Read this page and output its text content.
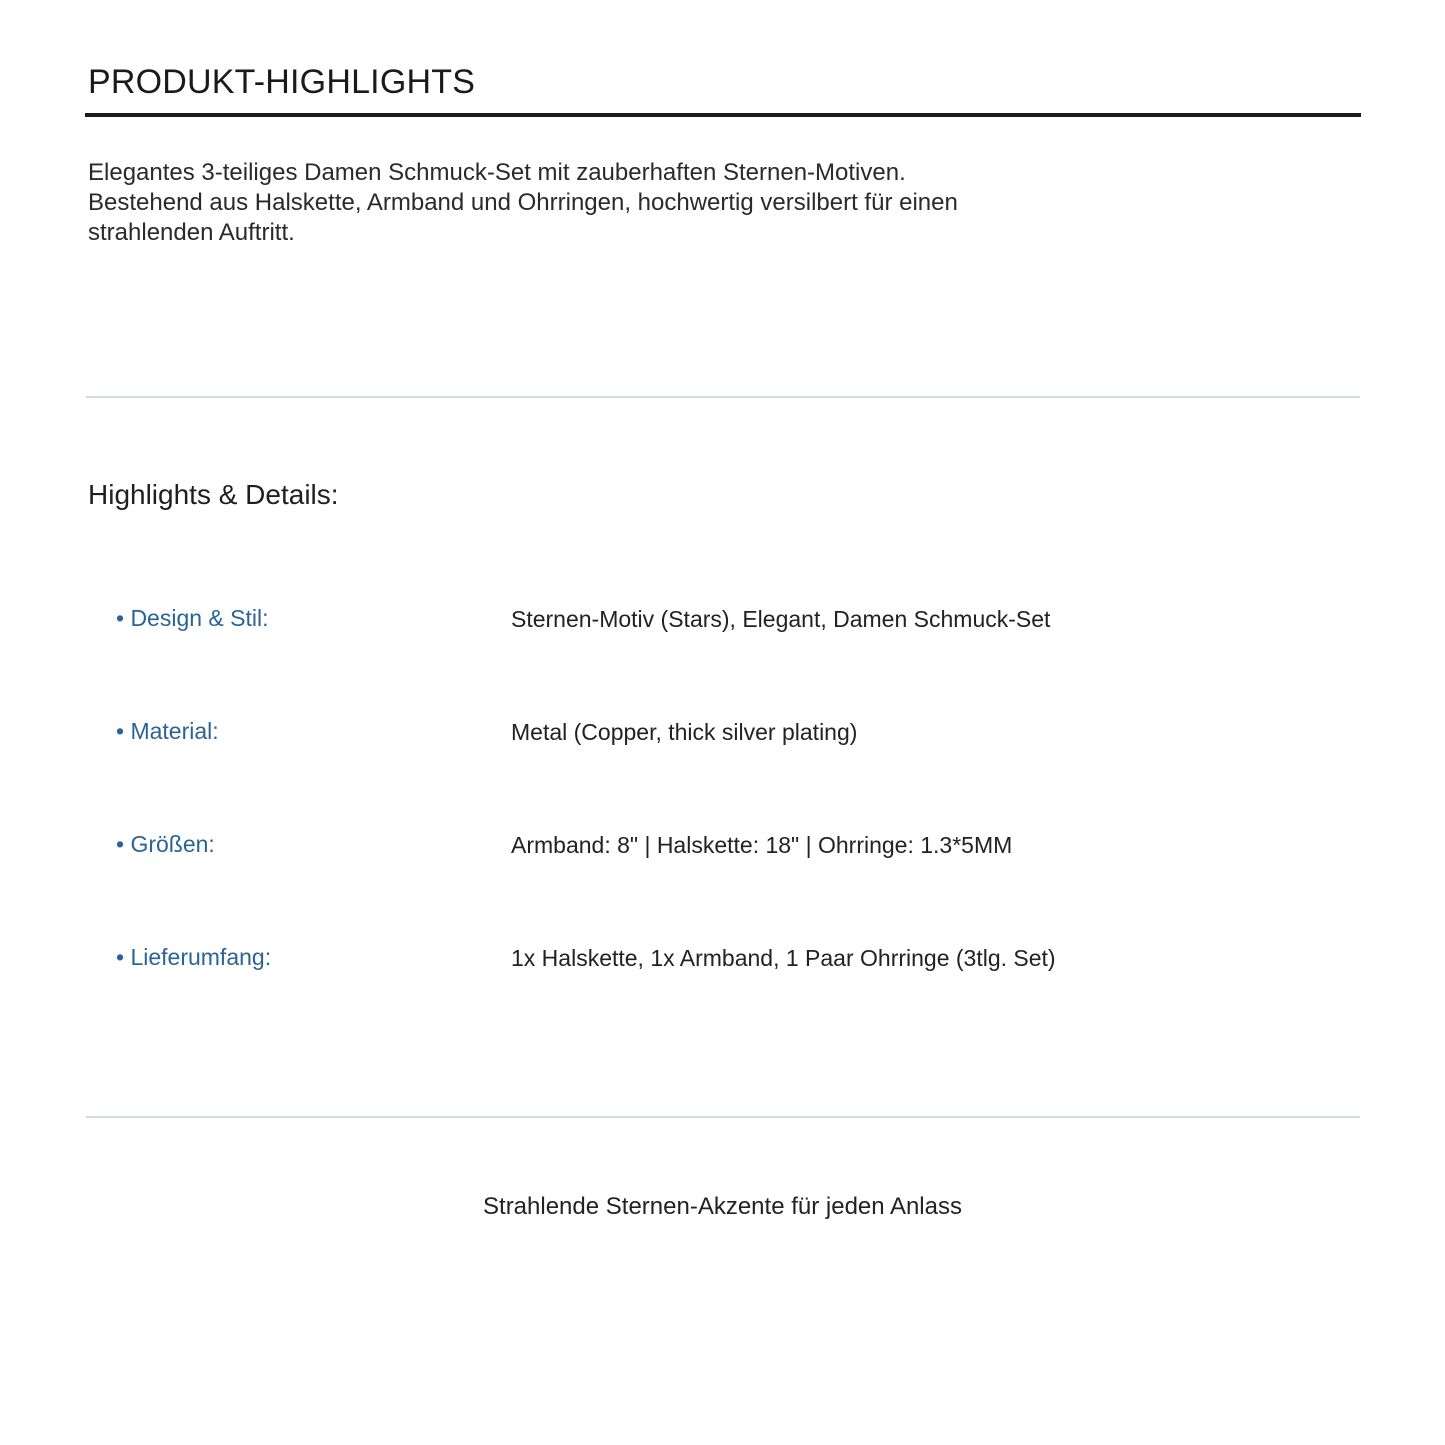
PRODUKT-HIGHLIGHTS

Elegantes 3-teiliges Damen Schmuck-Set mit zauberhaften Sternen-Motiven. Bestehend aus Halskette, Armband und Ohrringen, hochwertig versilbert für einen strahlenden Auftritt.

Highlights & Details:
• Design & Stil:	Sternen-Motiv (Stars), Elegant, Damen Schmuck-Set
• Material:	Metal (Copper, thick silver plating)
• Größen:	Armband: 8" | Halskette: 18" | Ohrringe: 1.3*5MM
• Lieferumfang:	1x Halskette, 1x Armband, 1 Paar Ohrringe (3tlg. Set)
Strahlende Sternen-Akzente für jeden Anlass
